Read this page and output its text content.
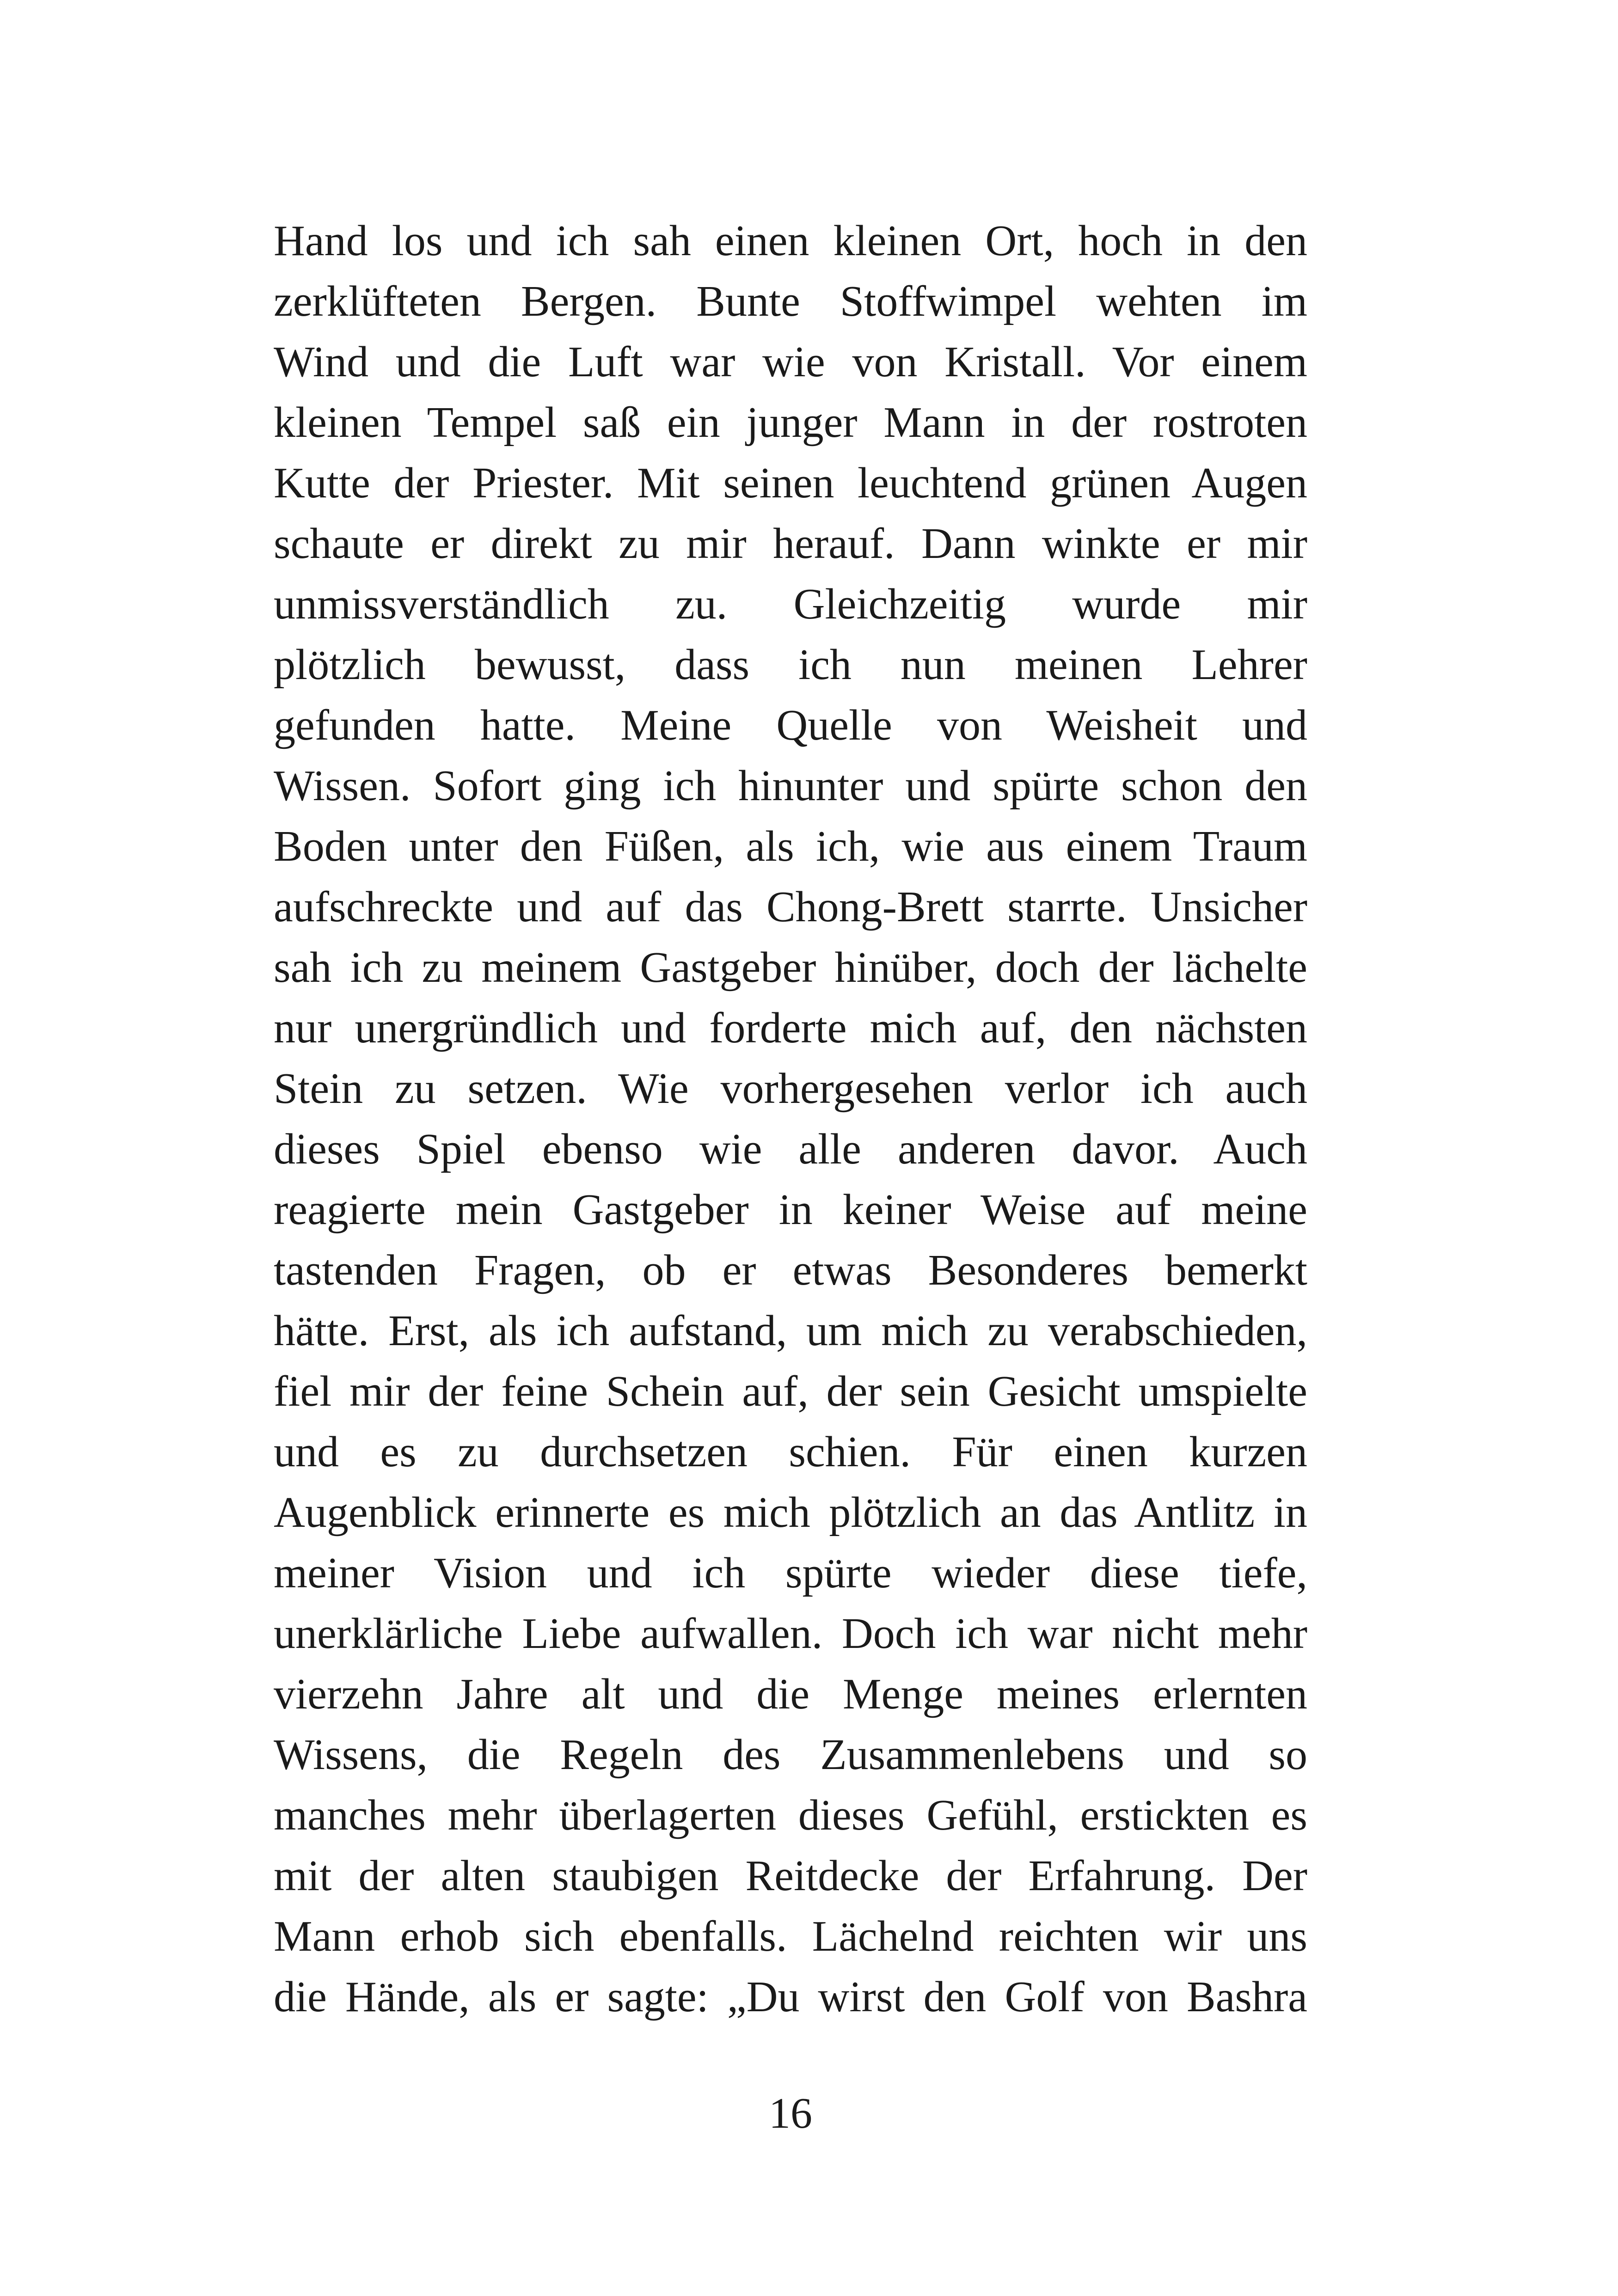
Hand los und ich sah einen kleinen Ort, hoch in den
zerklüfteten Bergen. Bunte Stoffwimpel wehten im
Wind und die Luft war wie von Kristall. Vor einem
kleinen Tempel saß ein junger Mann in der rostroten
Kutte der Priester. Mit seinen leuchtend grünen Augen
schaute er direkt zu mir herauf. Dann winkte er mir
unmissverständlich zu. Gleichzeitig wurde mir
plötzlich bewusst, dass ich nun meinen Lehrer
gefunden hatte. Meine Quelle von Weisheit und
Wissen. Sofort ging ich hinunter und spürte schon den
Boden unter den Füßen, als ich, wie aus einem Traum
aufschreckte und auf das Chong-Brett starrte. Unsicher
sah ich zu meinem Gastgeber hinüber, doch der lächelte
nur unergründlich und forderte mich auf, den nächsten
Stein zu setzen. Wie vorhergesehen verlor ich auch
dieses Spiel ebenso wie alle anderen davor. Auch
reagierte mein Gastgeber in keiner Weise auf meine
tastenden Fragen, ob er etwas Besonderes bemerkt
hätte. Erst, als ich aufstand, um mich zu verabschieden,
fiel mir der feine Schein auf, der sein Gesicht umspielte
und es zu durchsetzen schien. Für einen kurzen
Augenblick erinnerte es mich plötzlich an das Antlitz in
meiner Vision und ich spürte wieder diese tiefe,
unerklärliche Liebe aufwallen. Doch ich war nicht mehr
vierzehn Jahre alt und die Menge meines erlernten
Wissens, die Regeln des Zusammenlebens und so
manches mehr überlagerten dieses Gefühl, erstickten es
mit der alten staubigen Reitdecke der Erfahrung. Der
Mann erhob sich ebenfalls. Lächelnd reichten wir uns
die Hände, als er sagte: „Du wirst den Golf von Bashra
16
